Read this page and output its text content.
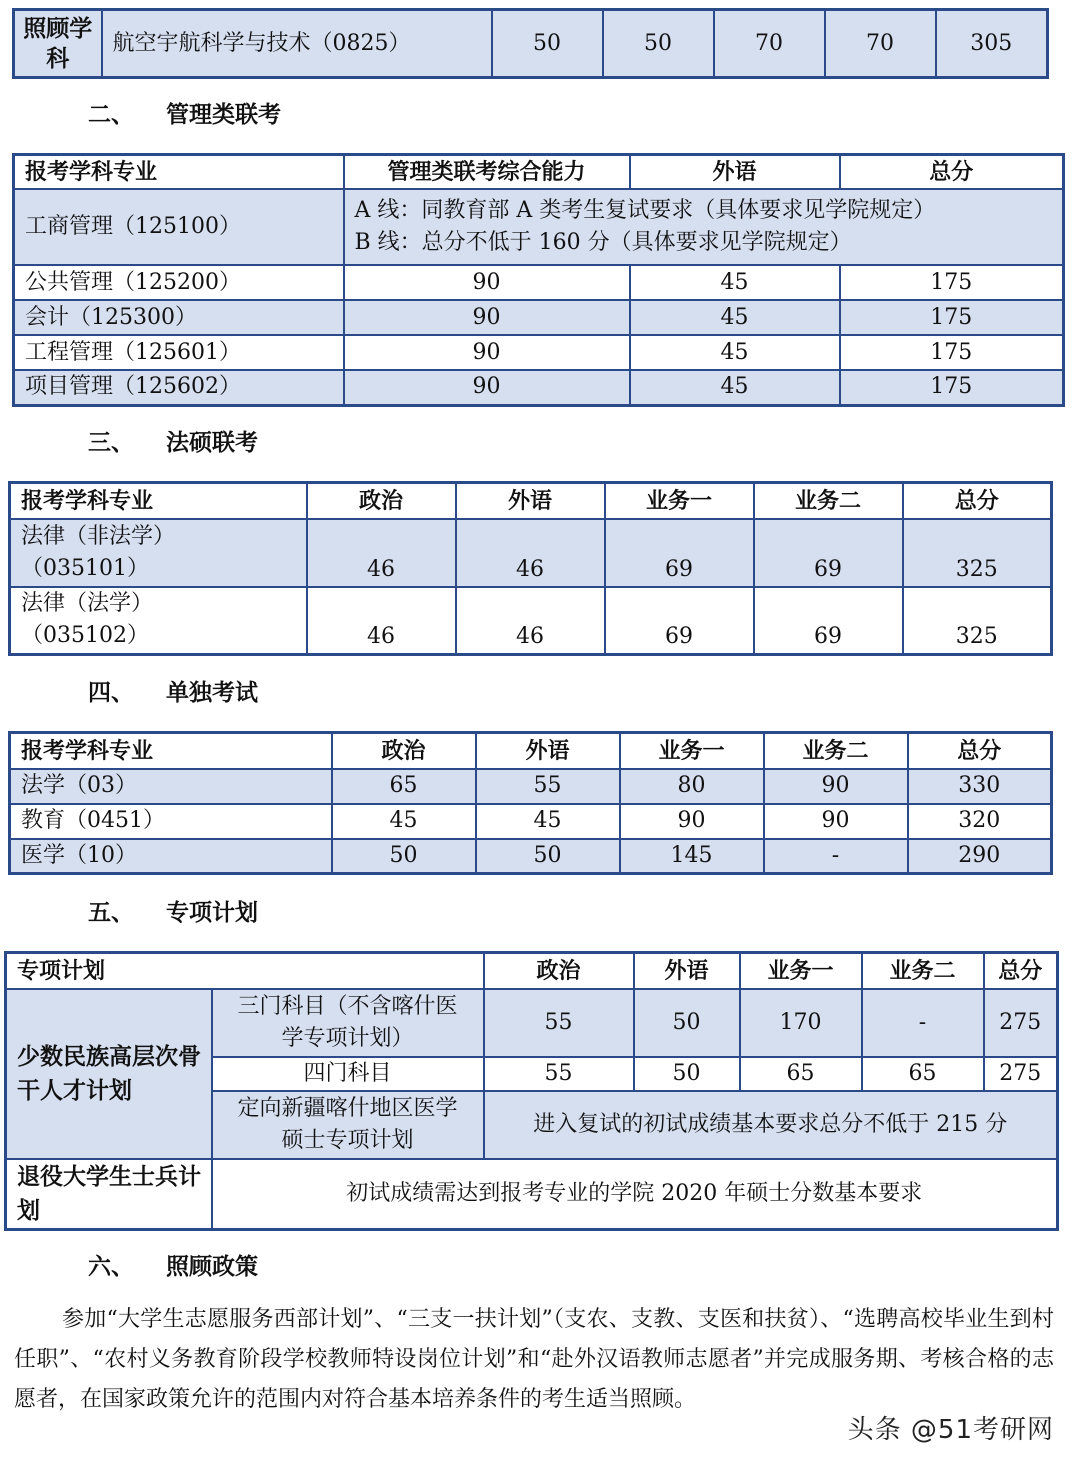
照顾学科	航空宇航科学与技术（0825）	50	50	70	70	305
二、 管理类联考
报考学科专业	管理类联考综合能力	外语	总分
工商管理（125100）	A 线：同教育部 A 类考生复试要求（具体要求见学院规定）
B 线：总分不低于 160 分（具体要求见学院规定）		

公共管理（125200）	90	45	175
会计（125300）	90	45	175
工程管理（125601）	90	45	175
项目管理（125602）	90	45	175
三、 法硕联考
报考学科专业	政治	外语	业务一	业务二	总分

法律（非法学）
（035101）	46	46	69	69	325

法律（法学）
（035102）	46	46	69	69	325
四、 单独考试
报考学科专业	政治	外语	业务一	业务二	总分
法学（03）	65	55	80	90	330
教育（0451）	45	45	90	90	320
医学（10）	50	50	145	-	290
五、 专项计划
专项计划		政治	外语	业务一	业务二	总分
少数民族高层次骨干人才计划	三门科目（不含喀什医学专项计划）	55	50	170	-	275
	四门科目	55	50	65	65	275
	定向新疆喀什地区医学硕士专项计划	进入复试的初试成绩基本要求总分不低于 215 分				
退役大学生士兵计划	初试成绩需达到报考专业的学院 2020 年硕士分数基本要求					
六、 照顾政策
参加“大学生志愿服务西部计划”、“三支一扶计划”（支农、支教、支医和扶贫）、“选聘高校毕业生到村任职”、“农村义务教育阶段学校教师特设岗位计划”和“赴外汉语教师志愿者”并完成服务期、考核合格的志愿者，在国家政策允许的范围内对符合基本培养条件的考生适当照顾。
头条 @51考研网
